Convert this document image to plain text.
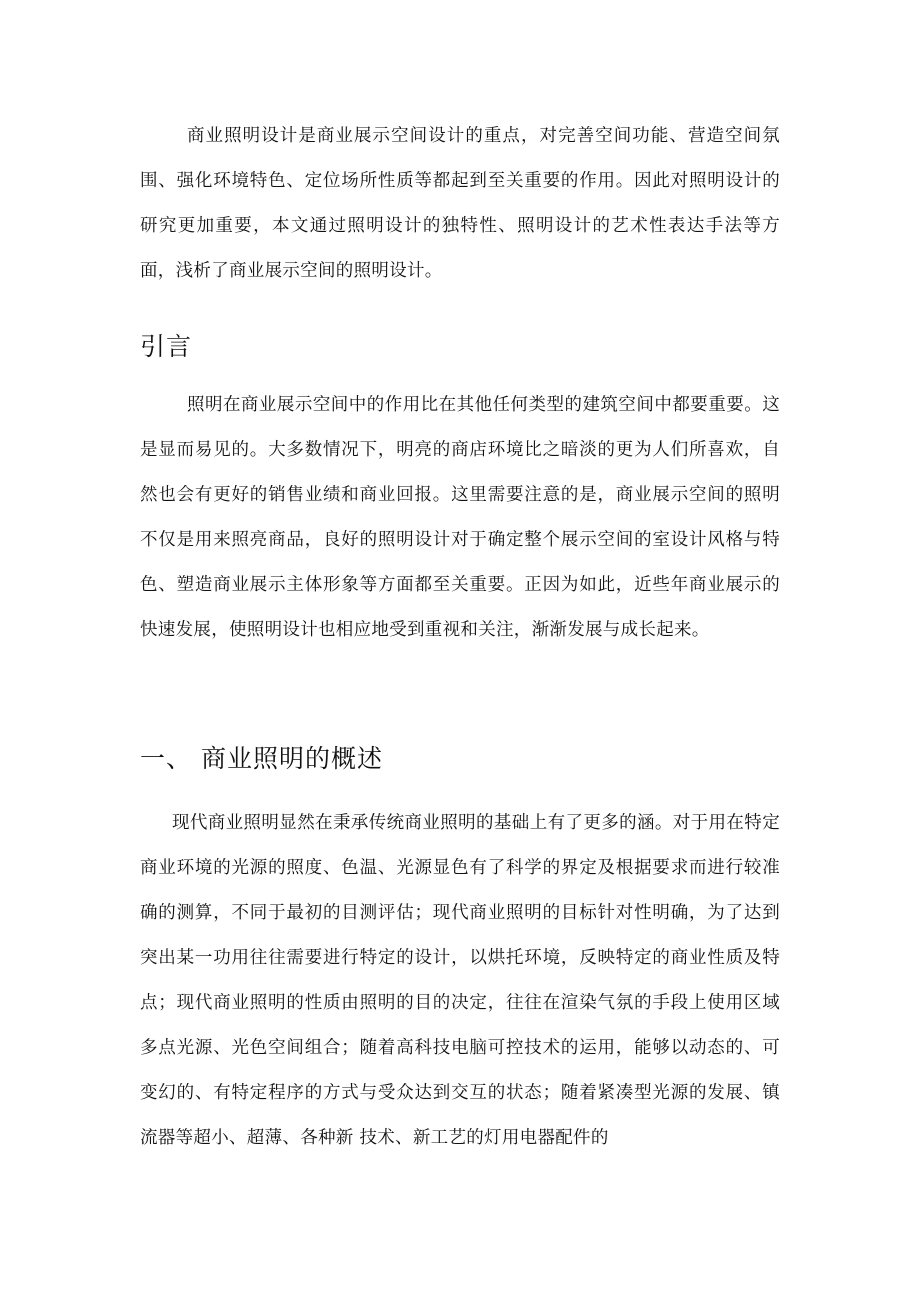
商业照明设计是商业展示空间设计的重点，对完善空间功能、营造空间氛围、强化环境特色、定位场所性质等都起到至关重要的作用。因此对照明设计的研究更加重要，本文通过照明设计的独特性、照明设计的艺术性表达手法等方面，浅析了商业展示空间的照明设计。

引言

照明在商业展示空间中的作用比在其他任何类型的建筑空间中都要重要。这是显而易见的。大多数情况下，明亮的商店环境比之暗淡的更为人们所喜欢，自然也会有更好的销售业绩和商业回报。这里需要注意的是，商业展示空间的照明不仅是用来照亮商品，良好的照明设计对于确定整个展示空间的室设计风格与特色、塑造商业展示主体形象等方面都至关重要。正因为如此，近些年商业展示的快速发展，使照明设计也相应地受到重视和关注，渐渐发展与成长起来。

一、 商业照明的概述

现代商业照明显然在秉承传统商业照明的基础上有了更多的涵。对于用在特定商业环境的光源的照度、色温、光源显色有了科学的界定及根据要求而进行较准确的测算，不同于最初的目测评估；现代商业照明的目标针对性明确，为了达到突出某一功用往往需要进行特定的设计，以烘托环境，反映特定的商业性质及特点；现代商业照明的性质由照明的目的决定，往往在渲染气氛的手段上使用区域多点光源、光色空间组合；随着高科技电脑可控技术的运用，能够以动态的、可变幻的、有特定程序的方式与受众达到交互的状态；随着紧凑型光源的发展、镇流器等超小、超薄、各种新 技术、新工艺的灯用电器配件的
